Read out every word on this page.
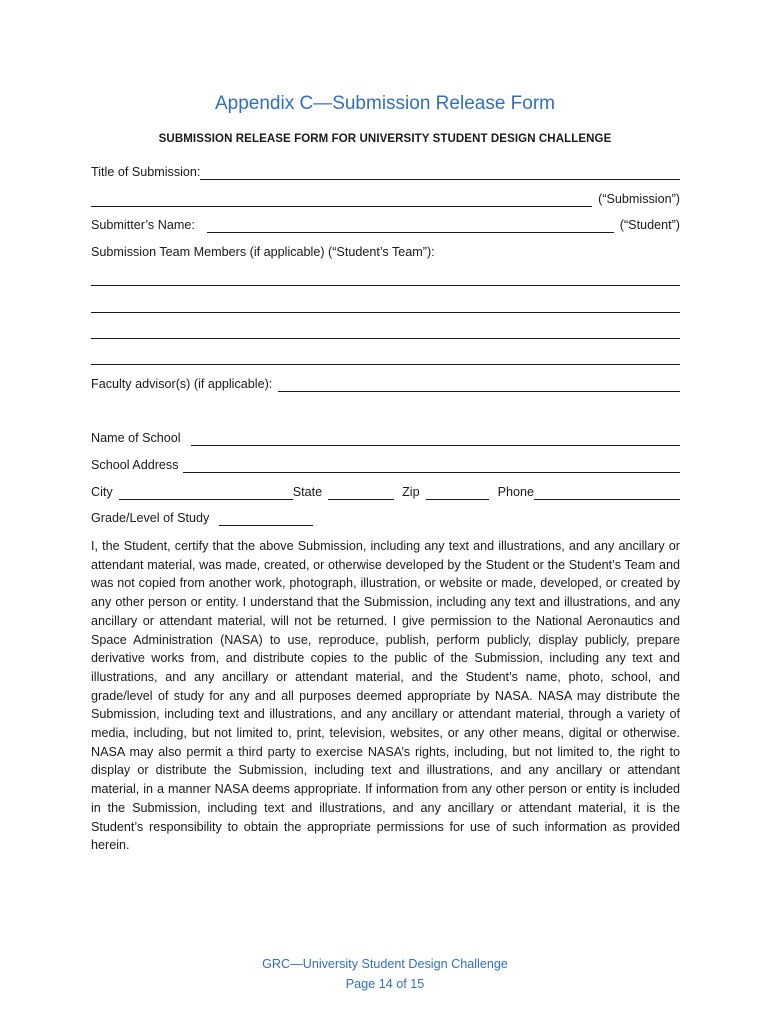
Appendix C—Submission Release Form
SUBMISSION RELEASE FORM FOR UNIVERSITY STUDENT DESIGN CHALLENGE
Title of Submission:
(“Submission”)
Submitter’s Name:	(“Student”)
Submission Team Members (if applicable) (“Student’s Team”):
Faculty advisor(s) (if applicable):
Name of School
School Address
City	State	Zip	Phone
Grade/Level of Study
I, the Student, certify that the above Submission, including any text and illustrations, and any ancillary or attendant material, was made, created, or otherwise developed by the Student or the Student’s Team and was not copied from another work, photograph, illustration, or website or made, developed, or created by any other person or entity. I understand that the Submission, including any text and illustrations, and any ancillary or attendant material, will not be returned. I give permission to the National Aeronautics and Space Administration (NASA) to use, reproduce, publish, perform publicly, display publicly, prepare derivative works from, and distribute copies to the public of the Submission, including any text and illustrations, and any ancillary or attendant material, and the Student’s name, photo, school, and grade/level of study for any and all purposes deemed appropriate by NASA. NASA may distribute the Submission, including text and illustrations, and any ancillary or attendant material, through a variety of media, including, but not limited to, print, television, websites, or any other means, digital or otherwise. NASA may also permit a third party to exercise NASA’s rights, including, but not limited to, the right to display or distribute the Submission, including text and illustrations, and any ancillary or attendant material, in a manner NASA deems appropriate. If information from any other person or entity is included in the Submission, including text and illustrations, and any ancillary or attendant material, it is the Student’s responsibility to obtain the appropriate permissions for use of such information as provided herein.
GRC—University Student Design Challenge
Page 14 of 15
